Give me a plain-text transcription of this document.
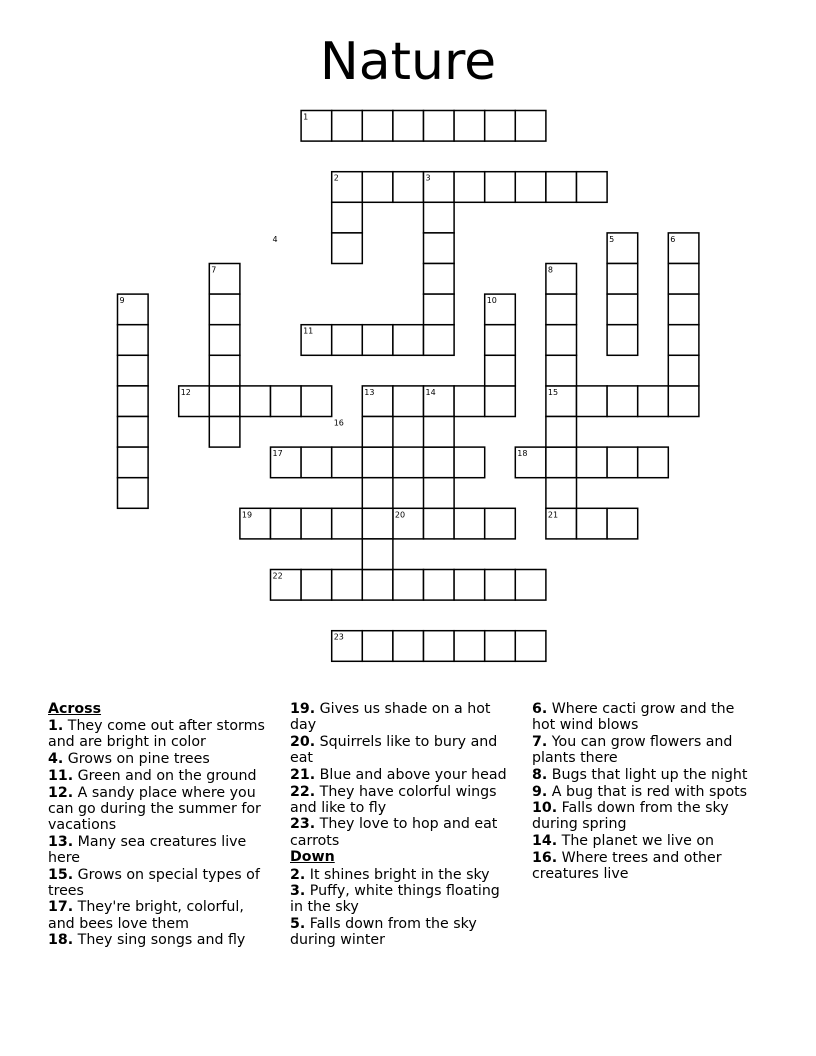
Nature
1
2	3
4	5	6
7	8
9	10
11
12	13	14	15
16
17	18
19	20	21
22
23
Across
1. They come out after storms and are bright in color
4. Grows on pine trees
11. Green and on the ground
12. A sandy place where you can go during the summer for vacations
13. Many sea creatures live here
15. Grows on special types of trees
17. They're bright, colorful, and bees love them
18. They sing songs and fly
19. Gives us shade on a hot day
20. Squirrels like to bury and eat
21. Blue and above your head
22. They have colorful wings and like to fly
23. They love to hop and eat carrots
Down
2. It shines bright in the sky
3. Puffy, white things floating in the sky
5. Falls down from the sky during winter
6. Where cacti grow and the hot wind blows
7. You can grow flowers and plants there
8. Bugs that light up the night
9. A bug that is red with spots
10. Falls down from the sky during spring
14. The planet we live on
16. Where trees and other creatures live
